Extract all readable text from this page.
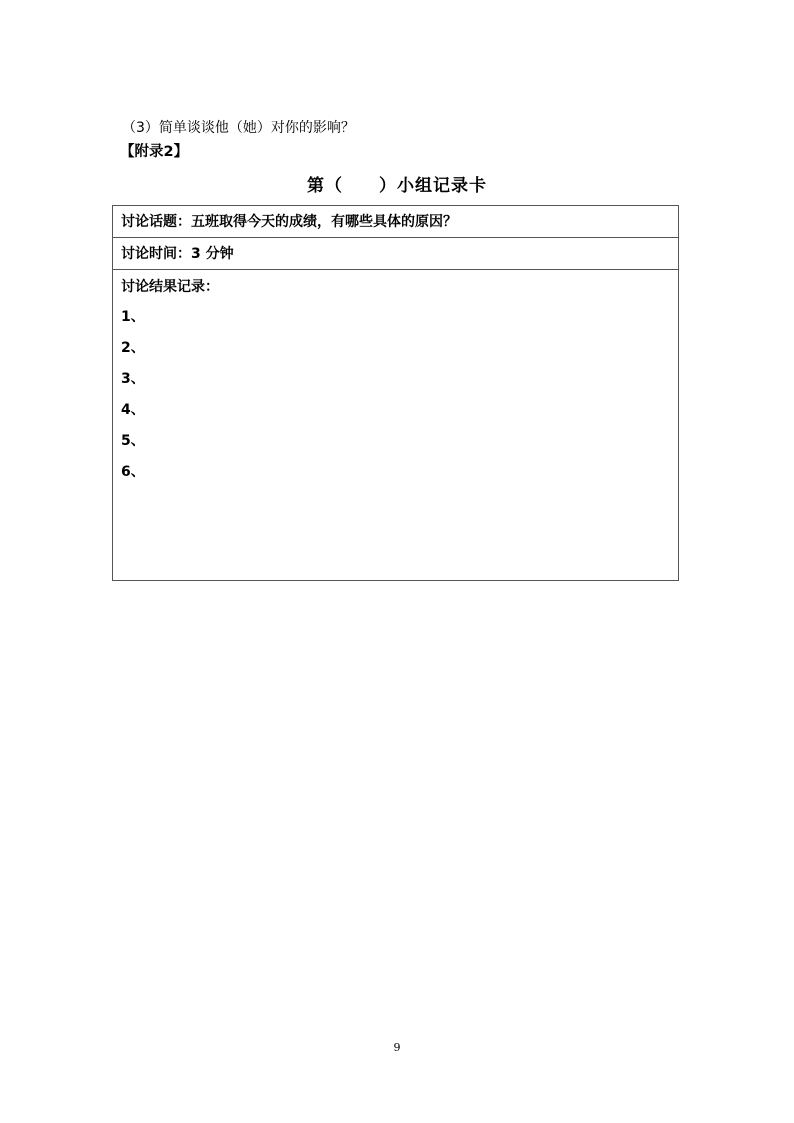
（3）简单谈谈他（她）对你的影响？
【附录2】
第（　　）小组记录卡
讨论话题：五班取得今天的成绩，有哪些具体的原因？
讨论时间：3 分钟
讨论结果记录：
1、
2、
3、
4、
5、
6、
9
